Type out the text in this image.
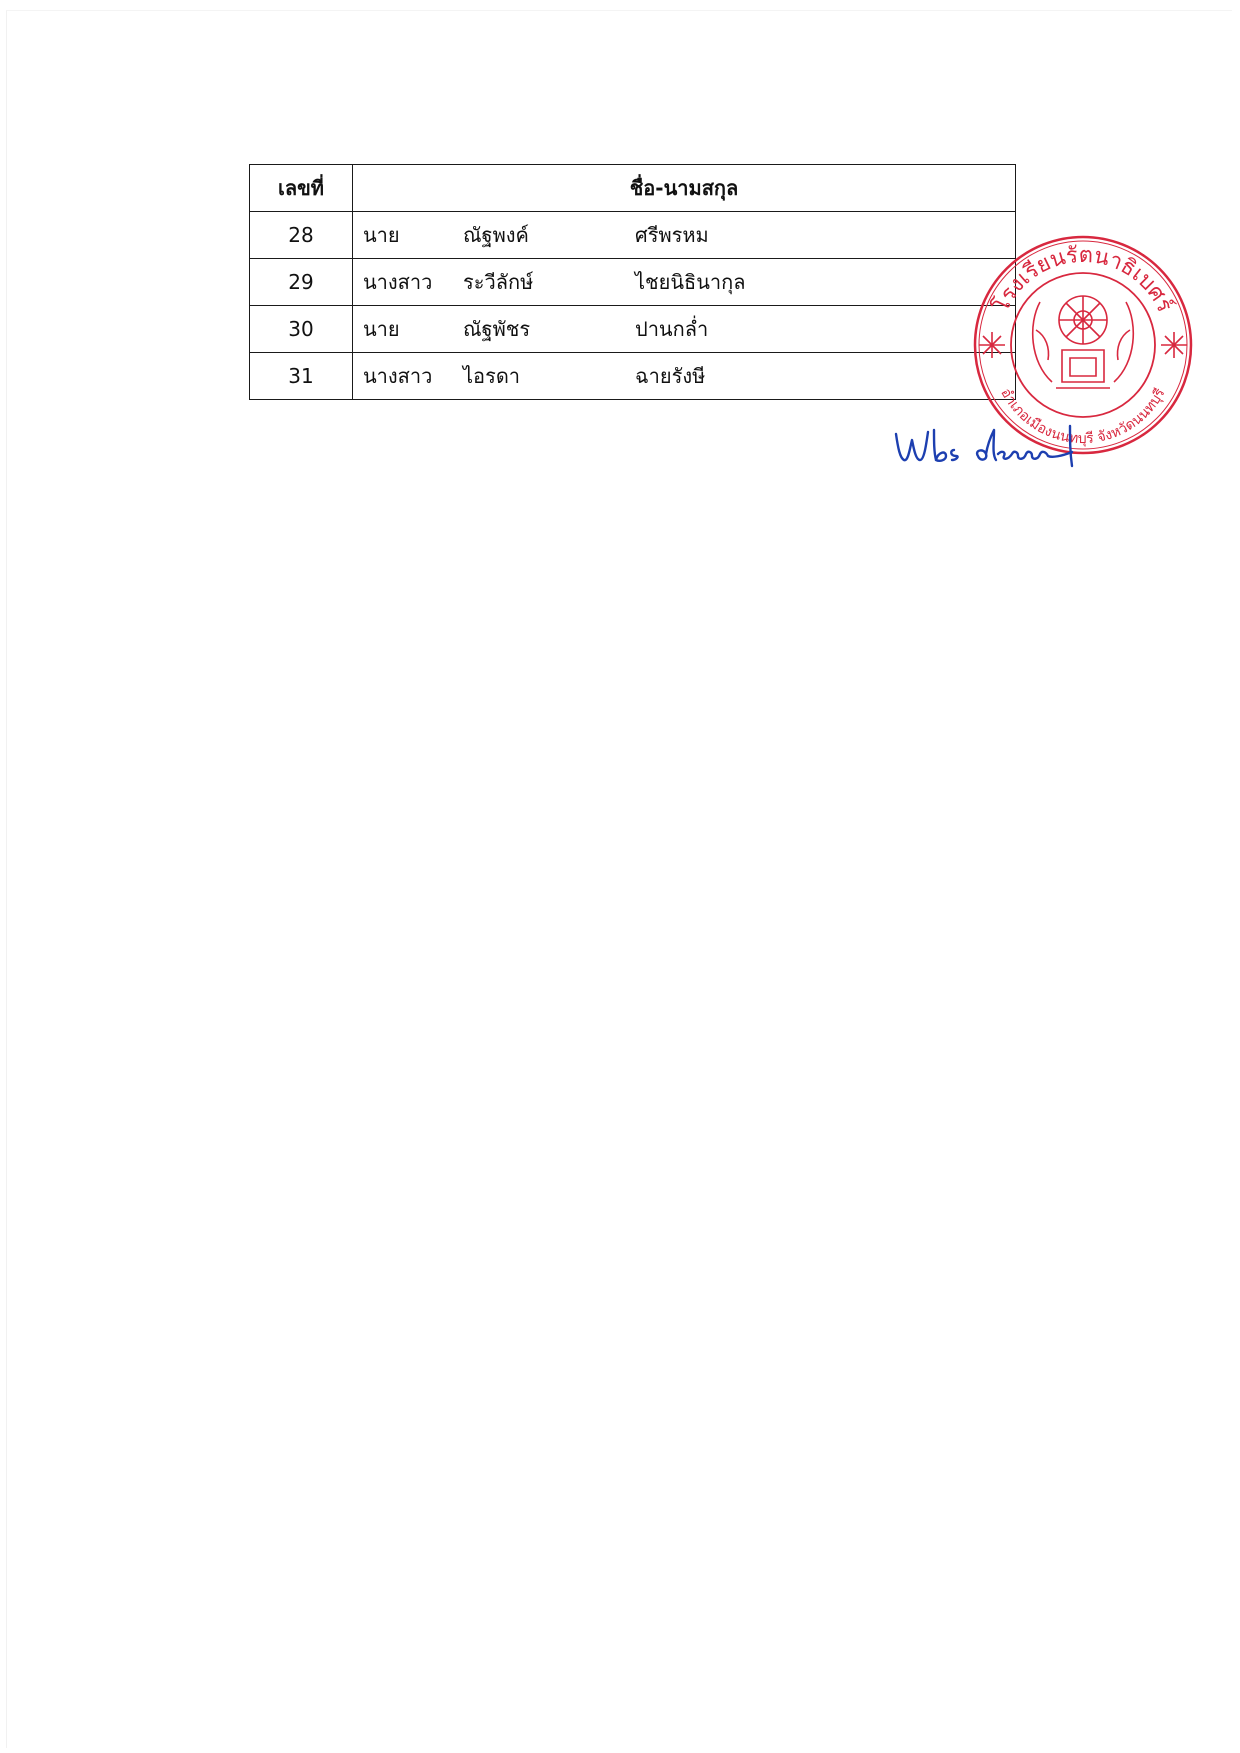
เลขที่	ชื่อ-นามสกุล
28	นาย ณัฐพงค์ ศรีพรหม

29	นางสาว ระวีลักษ์ ไชยนิธินากุล

30	นาย ณัฐพัชร ปานกล่ำ

31	นางสาว ไอรดา ฉายรังษี
โรงเรียนรัตนาธิเบศร์
อำเภอเมืองนนทบุรี จังหวัดนนทบุรี
